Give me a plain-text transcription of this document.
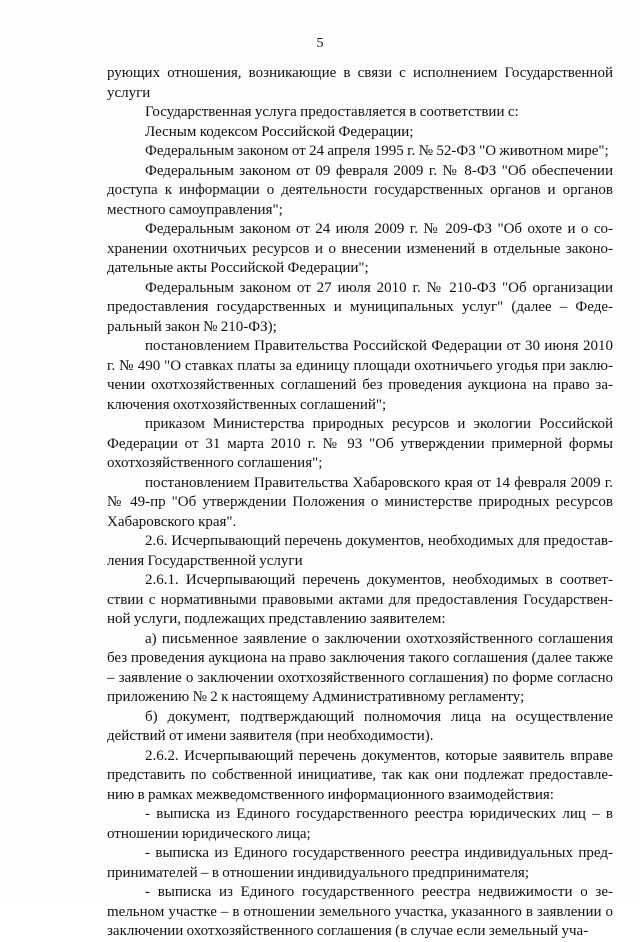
5

рующих отношения, возникающие в связи с исполнением Государственной услуги

Государственная услуга предоставляется в соответствии с:

Лесным кодексом Российской Федерации;

Федеральным законом от 24 апреля 1995 г. № 52-ФЗ "О животном мире";

Федеральным законом от 09 февраля 2009 г. № 8-ФЗ "Об обеспечении доступа к информации о деятельности государственных органов и органов местного самоуправления";

Федеральным законом от 24 июля 2009 г. № 209-ФЗ "Об охоте и о сохранении охотничьих ресурсов и о внесении изменений в отдельные законодательные акты Российской Федерации";

Федеральным законом от 27 июля 2010 г. № 210-ФЗ "Об организации предоставления государственных и муниципальных услуг" (далее – Федеральный закон № 210-ФЗ);

постановлением Правительства Российской Федерации от 30 июня 2010 г. № 490 "О ставках платы за единицу площади охотничьего угодья при заключении охотхозяйственных соглашений без проведения аукциона на право заключения охотхозяйственных соглашений";

приказом Министерства природных ресурсов и экологии Российской Федерации от 31 марта 2010 г. № 93 "Об утверждении примерной формы охотхозяйственного соглашения";

постановлением Правительства Хабаровского края от 14 февраля 2009 г. № 49-пр "Об утверждении Положения о министерстве природных ресурсов Хабаровского края".

2.6. Исчерпывающий перечень документов, необходимых для предоставления Государственной услуги

2.6.1. Исчерпывающий перечень документов, необходимых в соответствии с нормативными правовыми актами для предоставления Государственной услуги, подлежащих представлению заявителем:

а) письменное заявление о заключении охотхозяйственного соглашения без проведения аукциона на право заключения такого соглашения (далее также – заявление о заключении охотхозяйственного соглашения) по форме согласно приложению № 2 к настоящему Административному регламенту;

б) документ, подтверждающий полномочия лица на осуществление действий от имени заявителя (при необходимости).

2.6.2. Исчерпывающий перечень документов, которые заявитель вправе представить по собственной инициативе, так как они подлежат предоставлению в рамках межведомственного информационного взаимодействия:

- выписка из Единого государственного реестра юридических лиц – в отношении юридического лица;

- выписка из Единого государственного реестра индивидуальных предпринимателей – в отношении индивидуального предпринимателя;

- выписка из Единого государственного реестра недвижимости о зеmельном участке – в отношении земельного участка, указанного в заявлении о заключении охотхозяйственного соглашения (в случае если земельный уча-
